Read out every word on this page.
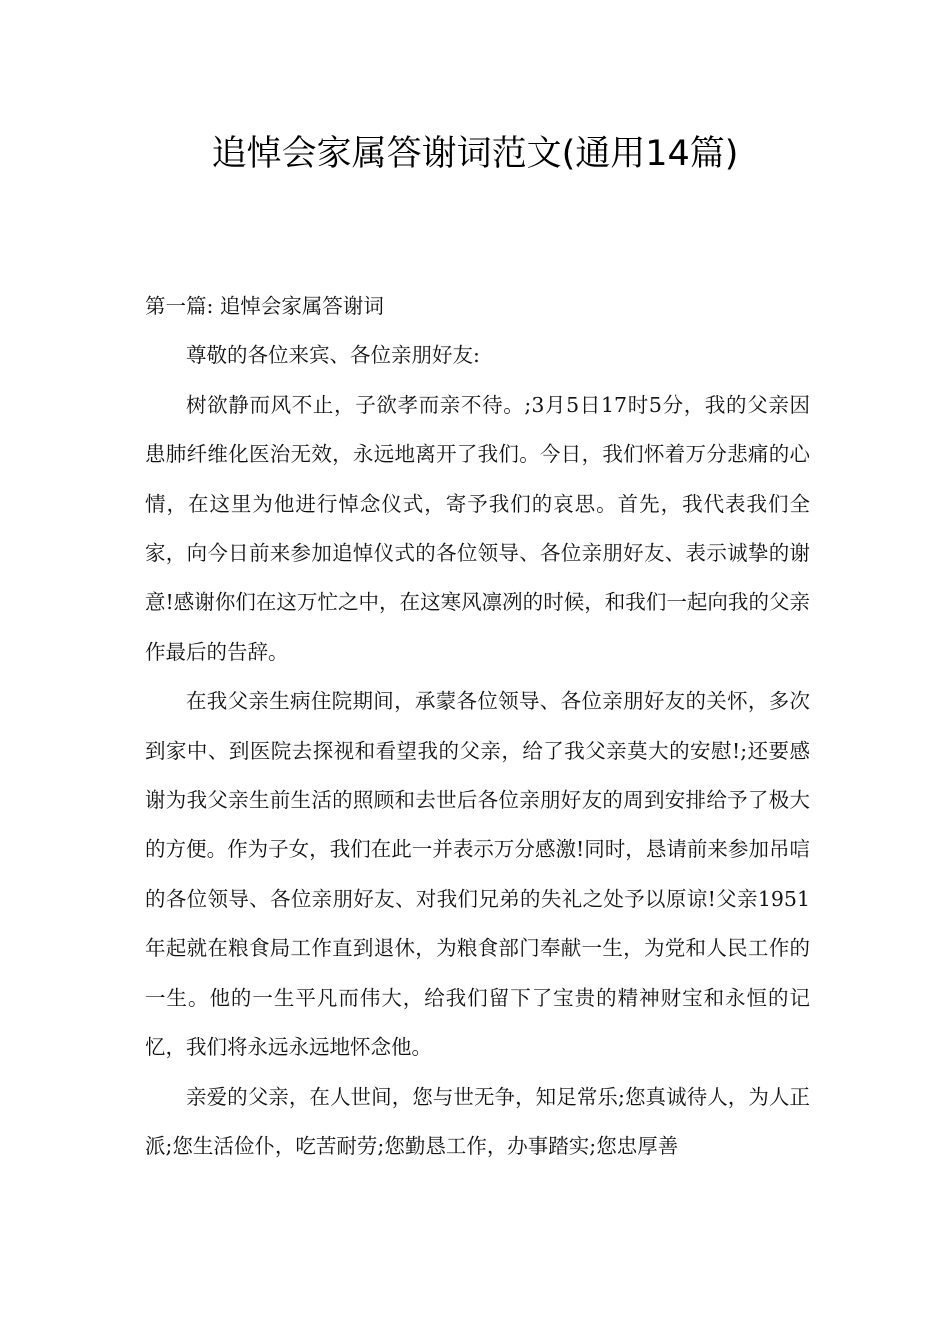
追悼会家属答谢词范文(通用14篇)

第一篇: 追悼会家属答谢词

尊敬的各位来宾、各位亲朋好友:

树欲静而风不止，子欲孝而亲不待。;3月5日17时5分，我的父亲因患肺纤维化医治无效，永远地离开了我们。今日，我们怀着万分悲痛的心情，在这里为他进行悼念仪式，寄予我们的哀思。首先，我代表我们全家，向今日前来参加追悼仪式的各位领导、各位亲朋好友、表示诚挚的谢意!感谢你们在这万忙之中，在这寒风凛冽的时候，和我们一起向我的父亲作最后的告辞。

在我父亲生病住院期间，承蒙各位领导、各位亲朋好友的关怀，多次到家中、到医院去探视和看望我的父亲，给了我父亲莫大的安慰!;还要感谢为我父亲生前生活的照顾和去世后各位亲朋好友的周到安排给予了极大的方便。作为子女，我们在此一并表示万分感激!同时，恳请前来参加吊唁的各位领导、各位亲朋好友、对我们兄弟的失礼之处予以原谅!父亲1951年起就在粮食局工作直到退休，为粮食部门奉献一生，为党和人民工作的一生。他的一生平凡而伟大，给我们留下了宝贵的精神财宝和永恒的记忆，我们将永远永远地怀念他。

亲爱的父亲，在人世间，您与世无争，知足常乐;您真诚待人，为人正派;您生活俭仆，吃苦耐劳;您勤恳工作，办事踏实;您忠厚善
